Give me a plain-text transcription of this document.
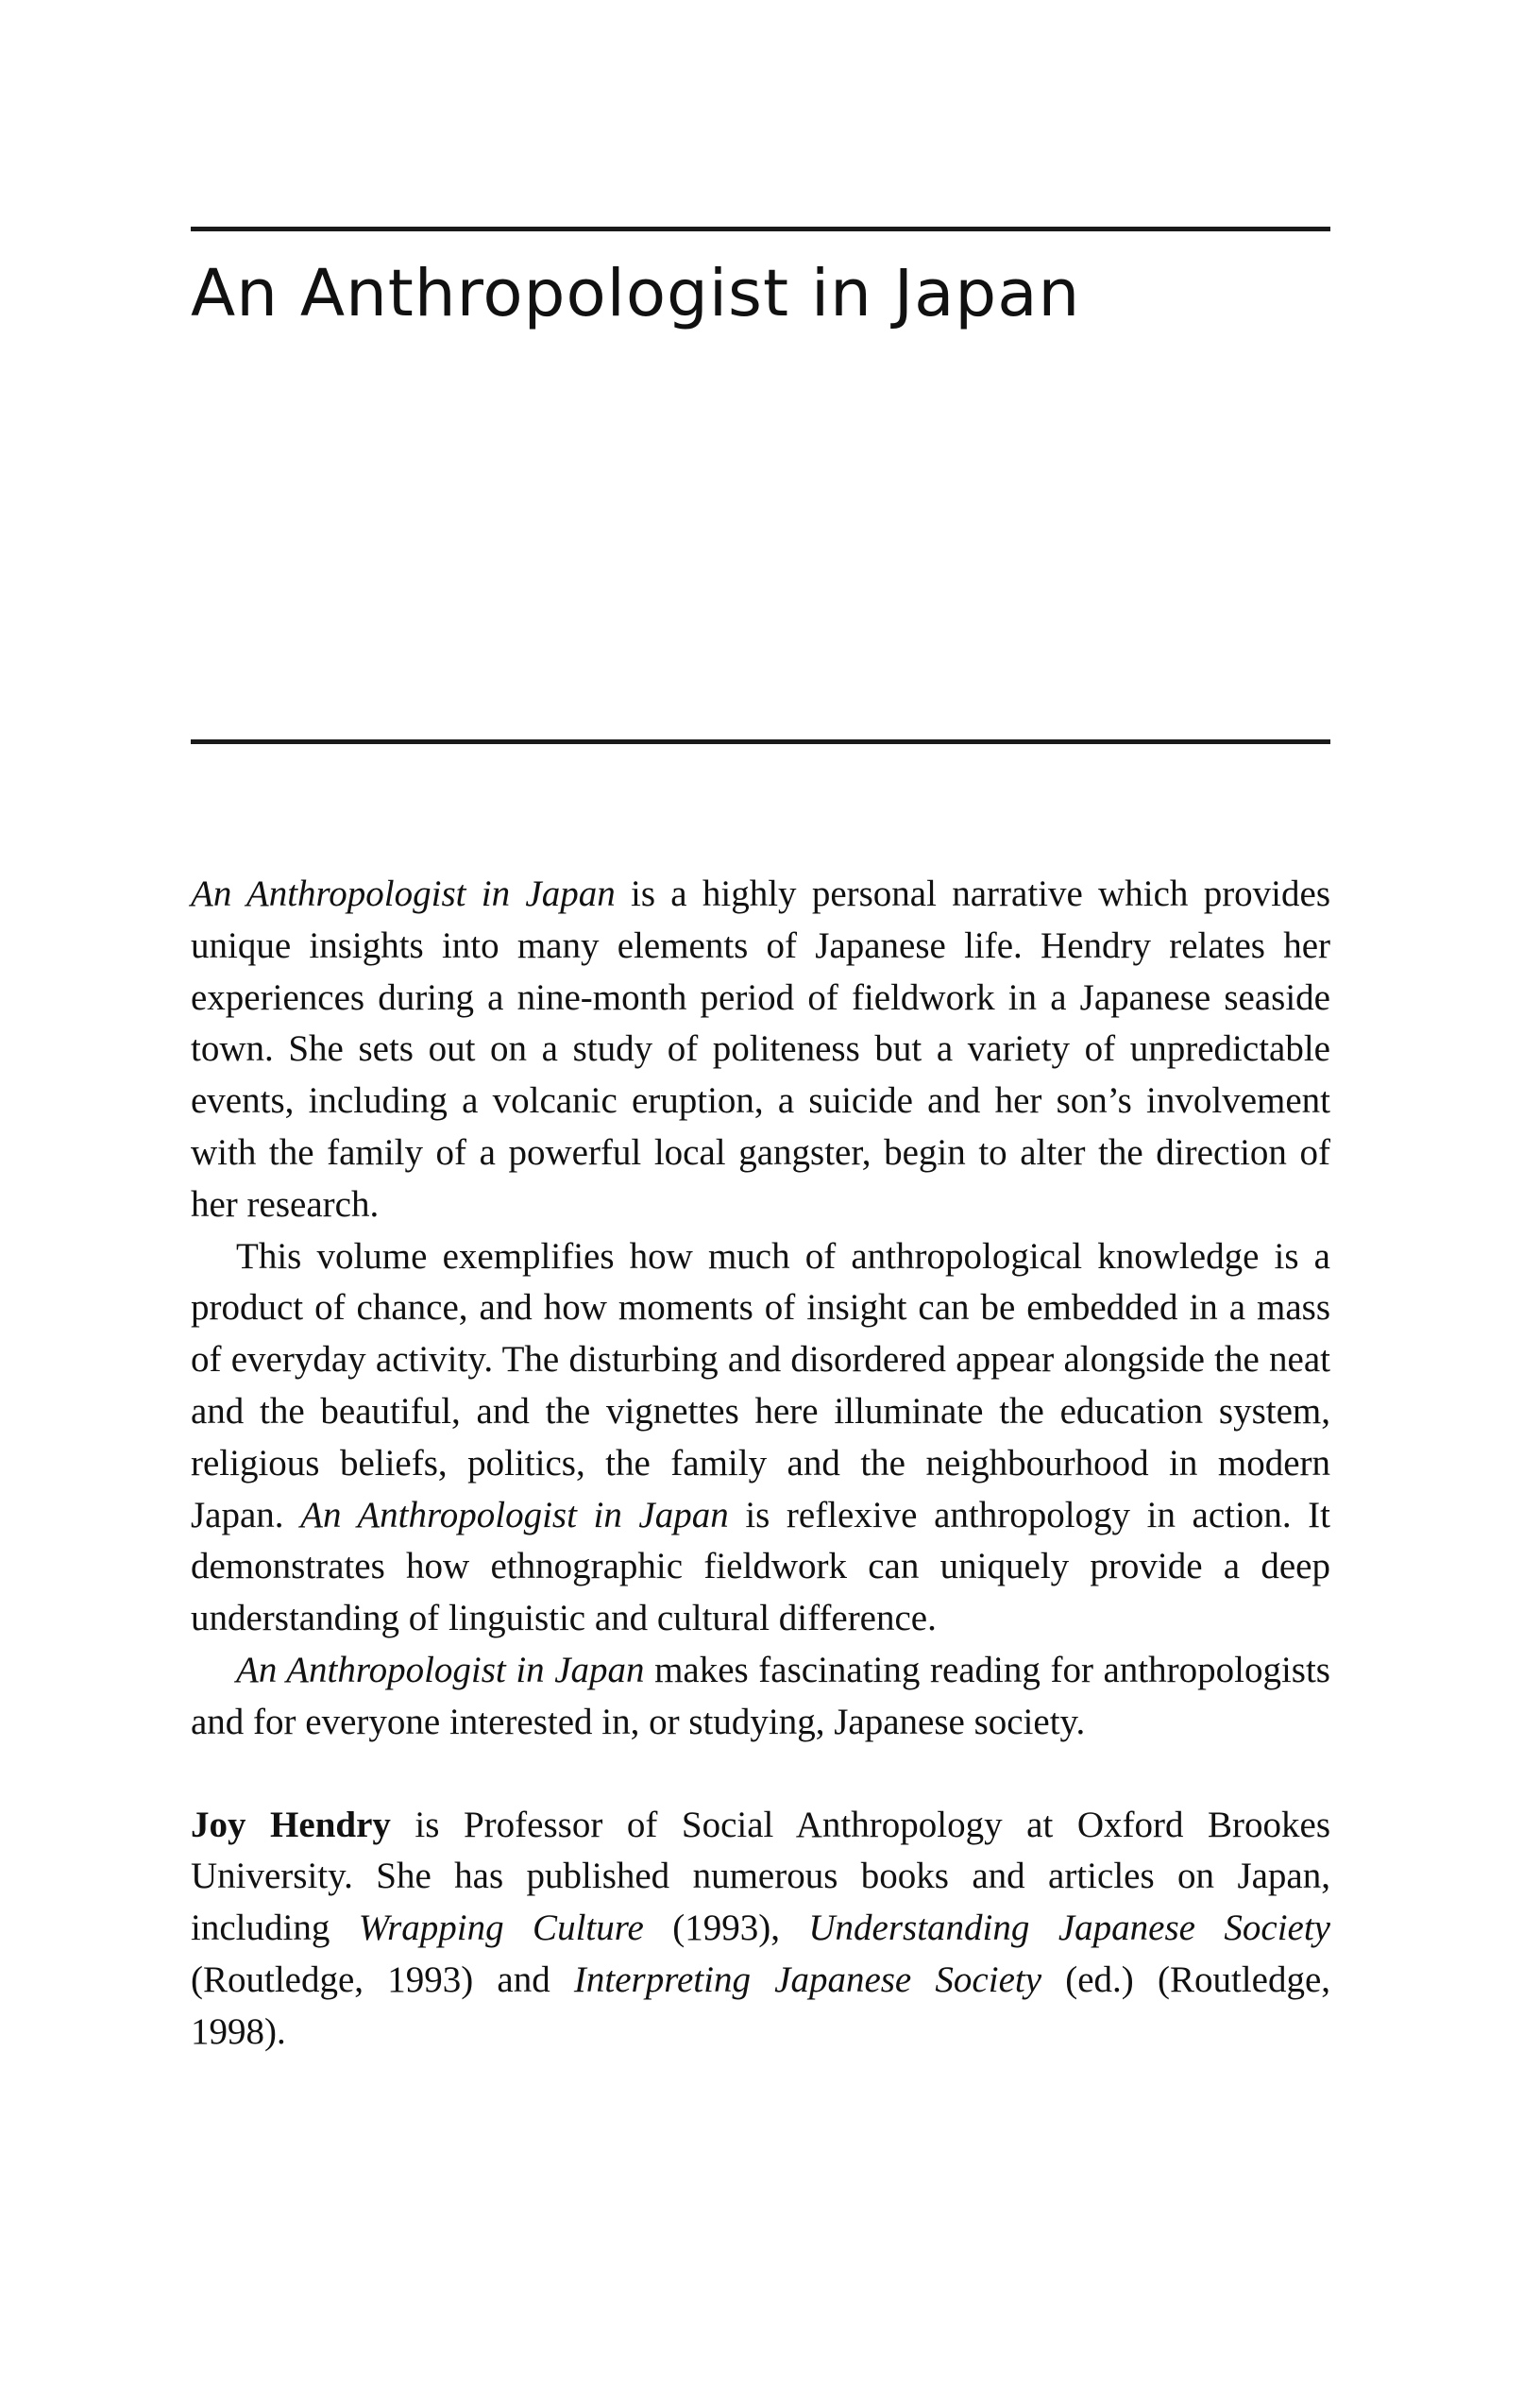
An Anthropologist in Japan

An Anthropologist in Japan is a highly personal narrative which provides unique insights into many elements of Japanese life. Hendry relates her experiences during a nine-month period of fieldwork in a Japanese seaside town. She sets out on a study of politeness but a variety of unpredictable events, including a volcanic eruption, a suicide and her son’s involvement with the family of a powerful local gangster, begin to alter the direction of her research.

This volume exemplifies how much of anthropological knowledge is a product of chance, and how moments of insight can be embedded in a mass of everyday activity. The disturbing and disordered appear alongside the neat and the beautiful, and the vignettes here illuminate the education system, religious beliefs, politics, the family and the neighbourhood in modern Japan. An Anthropologist in Japan is reflexive anthropology in action. It demonstrates how ethnographic fieldwork can uniquely provide a deep understanding of linguistic and cultural difference.

An Anthropologist in Japan makes fascinating reading for anthropologists and for everyone interested in, or studying, Japanese society.

Joy Hendry is Professor of Social Anthropology at Oxford Brookes University. She has published numerous books and articles on Japan, including Wrapping Culture (1993), Understanding Japanese Society (Routledge, 1993) and Interpreting Japanese Society (ed.) (Routledge, 1998).
